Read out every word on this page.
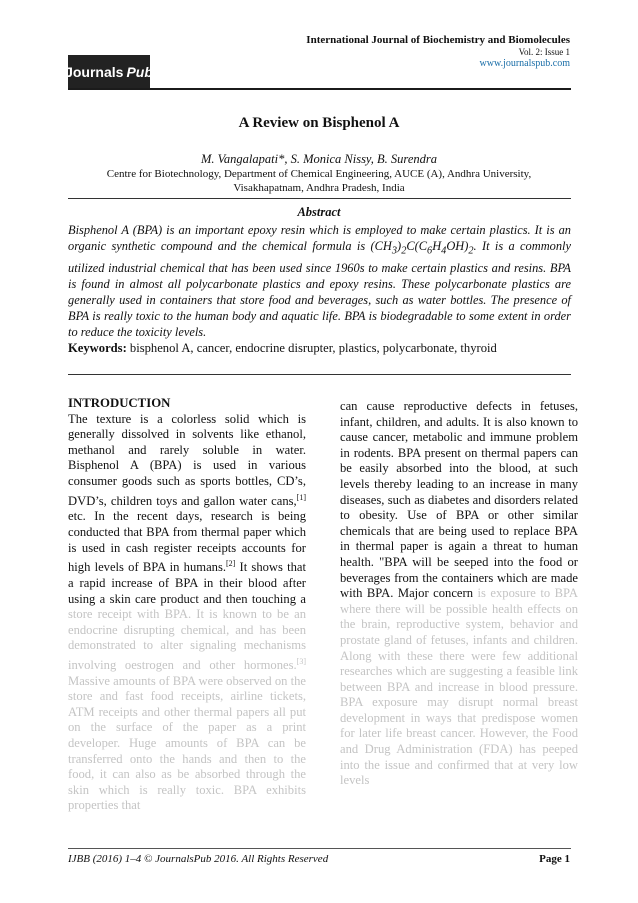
International Journal of Biochemistry and Biomolecules
Vol. 2: Issue 1
www.journalspub.com
Journals Pub
A Review on Bisphenol A
M. Vangalapati*, S. Monica Nissy, B. Surendra
Centre for Biotechnology, Department of Chemical Engineering, AUCE (A), Andhra University, Visakhapatnam, Andhra Pradesh, India
Abstract
Bisphenol A (BPA) is an important epoxy resin which is employed to make certain plastics. It is an organic synthetic compound and the chemical formula is $(CH_3)_2C(C_6H_4OH)_2$. It is a commonly utilized industrial chemical that has been used since 1960s to make certain plastics and resins. BPA is found in almost all polycarbonate plastics and epoxy resins. These polycarbonate plastics are generally used in containers that store food and beverages, such as water bottles. The presence of BPA is really toxic to the human body and aquatic life. BPA is biodegradable to some extent in order to reduce the toxicity levels.
Keywords: bisphenol A, cancer, endocrine disrupter, plastics, polycarbonate, thyroid
INTRODUCTION
The texture is a colorless solid which is generally dissolved in solvents like ethanol, methanol and rarely soluble in water. Bisphenol A (BPA) is used in various consumer goods such as sports bottles, CD’s, DVD’s, children toys and gallon water cans,[1] etc. In the recent days, research is being conducted that BPA from thermal paper which is used in cash register receipts accounts for high levels of BPA in humans.[2] It shows that a rapid increase of BPA in their blood after using a skin care product and then touching a store receipt with BPA. It is known to be an endocrine disrupting chemical, and has been demonstrated to alter signaling mechanisms involving oestrogen and other hormones.[3] Massive amounts of BPA were observed on the store and fast food receipts, airline tickets, ATM receipts and other thermal papers all put on the surface of the paper as a print developer. Huge amounts of BPA can be transferred onto the hands and then to the food, it can also as be absorbed through the skin which is really toxic. BPA exhibits properties that
can cause reproductive defects in fetuses, infant, children, and adults. It is also known to cause cancer, metabolic and immune problem in rodents. BPA present on thermal papers can be easily absorbed into the blood, at such levels thereby leading to an increase in many diseases, such as diabetes and disorders related to obesity. Use of BPA or other similar chemicals that are being used to replace BPA in thermal paper is again a threat to human health. "BPA will be seeped into the food or beverages from the containers which are made with BPA. Major concern is exposure to BPA where there will be possible health effects on the brain, reproductive system, behavior and prostate gland of fetuses, infants and children. Along with these there were few additional researches which are suggesting a feasible link between BPA and increase in blood pressure. BPA exposure may disrupt normal breast development in ways that predispose women for later life breast cancer. However, the Food and Drug Administration (FDA) has peeped into the issue and confirmed that at very low levels
IJBB (2016) 1–4 © JournalsPub 2016. All Rights Reserved	Page 1
